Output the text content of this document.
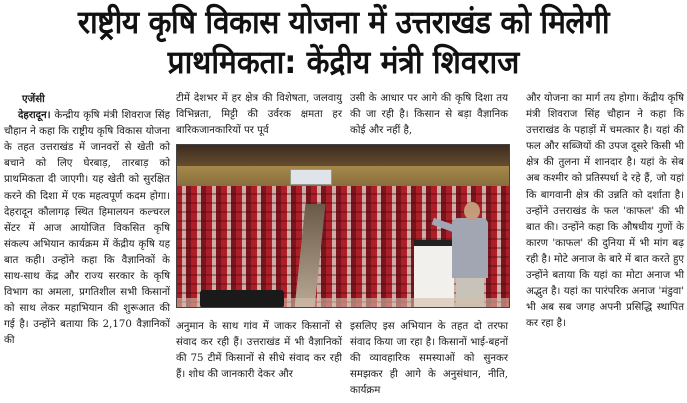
राष्ट्रीय कृषि विकास योजना में उत्तराखंड को मिलेगी
प्राथमिकता: केंद्रीय मंत्री शिवराज

एजेंसी

देहरादून। केन्द्रीय कृषि मंत्री शिवराज सिंह चौहान ने कहा कि राष्ट्रीय कृषि विकास योजना के तहत उत्तराखंड में जानवरों से खेती को बचाने को लिए घेरबाड़, तारबाड़ को प्राथमिकता दी जाएगी। यह खेती को सुरक्षित करने की दिशा में एक महत्वपूर्ण कदम होगा। देहरादून कौलागढ़ स्थित हिमालयन कल्चरल सेंटर में आज आयोजित विकसित कृषि संकल्प अभियान कार्यक्रम में केंद्रीय कृषि यह बात कही। उन्होंने कहा कि वैज्ञानिकों के साथ-साथ केंद्र और राज्य सरकार के कृषि विभाग का अमला, प्रगतिशील सभी किसानों को साथ लेकर महाभियान की शुरूआत की गई है। उन्होंने बताया कि 2,170 वैज्ञानिकों की

टीमें देशभर में हर क्षेत्र की विशेषता, जलवायु विभिन्नता, मिट्टी की उर्वरक क्षमता हर बारिकजानकारियों पर पूर्व

उसी के आधार पर आगे की कृषि दिशा तय की जा रही है। किसान से बड़ा वैज्ञानिक कोई और नहीं है,

अनुमान के साथ गांव में जाकर किसानों से संवाद कर रही हैं। उत्तराखंड में भी वैज्ञानिकों की 75 टीमें किसानों से सीधे संवाद कर रही हैं। शोध की जानकारी देकर और

इसलिए इस अभियान के तहत दो तरफा संवाद किया जा रहा है। किसानों भाई-बहनों की व्यावहारिक समस्याओं को सुनकर समझकर ही आगे के अनुसंधान, नीति, कार्यक्रम

और योजना का मार्ग तय होगा। केंद्रीय कृषि मंत्री शिवराज सिंह चौहान ने कहा कि उत्तराखंड के पहाड़ों में चमत्कार है। यहां की फल और सब्जियों की उपज दूसरे किसी भी क्षेत्र की तुलना में शानदार है। यहां के सेब अब कश्मीर को प्रतिस्पर्धा दे रहे हैं, जो यहां कि बागवानी क्षेत्र की उन्नति को दर्शाता है। उन्होंने उत्तराखंड के फल 'काफल' की भी बात की। उन्होंने कहा कि औषधीय गुणों के कारण 'काफल' की दुनिया में भी मांग बढ़ रही है। मोटे अनाज के बारे में बात करते हुए उन्होंने बताया कि यहां का मोटा अनाज भी अद्भुत है। यहां का पारंपरिक अनाज 'मंडुवा' भी अब सब जगह अपनी प्रसिद्धि स्थापित कर रहा है।
